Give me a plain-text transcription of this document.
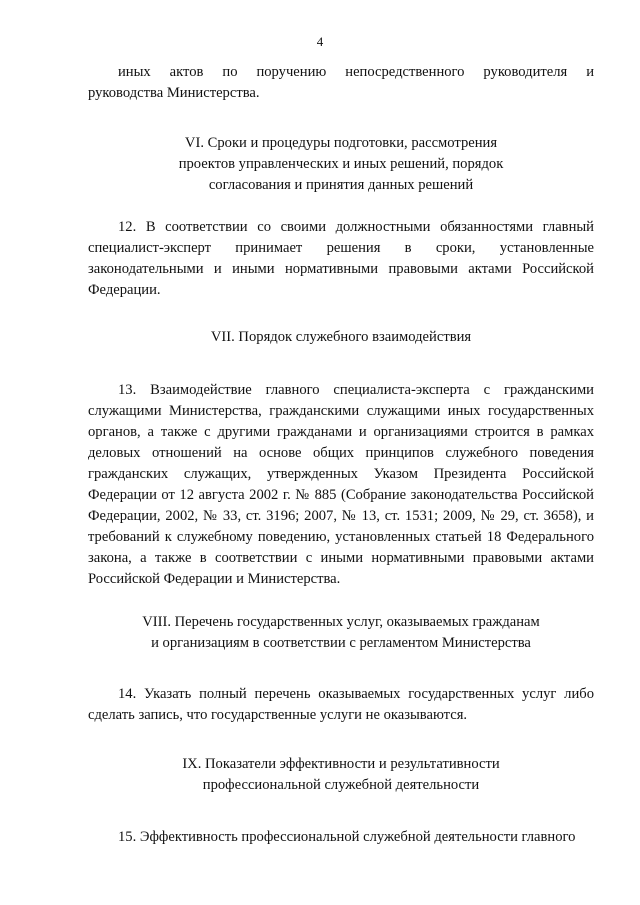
4
иных актов по поручению непосредственного руководителя и
руководства Министерства.
VI. Сроки и процедуры подготовки, рассмотрения
проектов управленческих и иных решений, порядок
согласования и принятия данных решений

12. В соответствии со своими должностными обязанностями главный специалист-эксперт принимает решения в сроки, установленные законодательными и иными нормативными правовыми актами Российской Федерации.

VII. Порядок служебного взаимодействия

13. Взаимодействие главного специалиста-эксперта с гражданскими служащими Министерства, гражданскими служащими иных государственных органов, а также с другими гражданами и организациями строится в рамках деловых отношений на основе общих принципов служебного поведения гражданских служащих, утвержденных Указом Президента Российской Федерации от 12 августа 2002 г. № 885 (Собрание законодательства Российской Федерации, 2002, № 33, ст. 3196; 2007, № 13, ст. 1531; 2009, № 29, ст. 3658), и требований к служебному поведению, установленных статьей 18 Федерального закона, а также в соответствии с иными нормативными правовыми актами Российской Федерации и Министерства.

VIII. Перечень государственных услуг, оказываемых гражданам
и организациям в соответствии с регламентом Министерства

14. Указать полный перечень оказываемых государственных услуг либо сделать запись, что государственные услуги не оказываются.

IX. Показатели эффективности и результативности
профессиональной служебной деятельности
15. Эффективность профессиональной служебной деятельности главного
